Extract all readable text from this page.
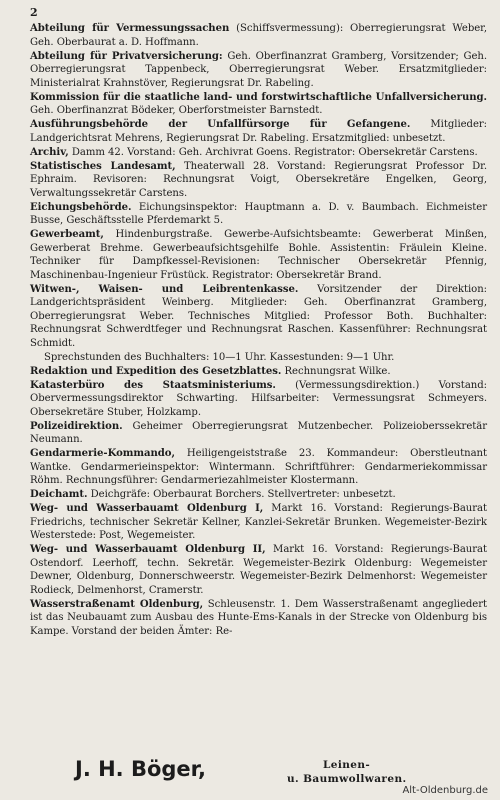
2

Abteilung für Vermessungssachen (Schiffsvermessung): Oberregierungsrat Weber, Geh. Oberbaurat a. D. Hoffmann.

Abteilung für Privatversicherung: Geh. Oberfinanzrat Gramberg, Vorsitzender; Geh. Oberregierungsrat Tappenbeck, Oberregierungsrat Weber. Ersatzmitglieder: Ministerialrat Krahnstöver, Regierungsrat Dr. Rabeling.

Kommission für die staatliche land- und forstwirtschaftliche Unfallversicherung. Geh. Oberfinanzrat Bödeker, Oberforstmeister Barnstedt.

Ausführungsbehörde der Unfallfürsorge für Gefangene. Mitglieder: Landgerichtsrat Mehrens, Regierungsrat Dr. Rabeling. Ersatzmitglied: unbesetzt.

Archiv, Damm 42. Vorstand: Geh. Archivrat Goens. Registrator: Obersekretär Carstens.

Statistisches Landesamt, Theaterwall 28. Vorstand: Regierungsrat Professor Dr. Ephraim. Revisoren: Rechnungsrat Voigt, Obersekretäre Engelken, Georg, Verwaltungssekretär Carstens.

Eichungsbehörde. Eichungsinspektor: Hauptmann a. D. v. Baumbach. Eichmeister Busse, Geschäftsstelle Pferdemarkt 5.

Gewerbeamt, Hindenburgstraße. Gewerbe-Aufsichtsbeamte: Gewerberat Minßen, Gewerberat Brehme. Gewerbeaufsichtsgehilfe Bohle. Assistentin: Fräulein Kleine. Techniker für Dampfkessel-Revisionen: Technischer Obersekretär Pfennig, Maschinenbau-Ingenieur Früstück. Registrator: Obersekretär Brand.

Witwen-, Waisen- und Leibrentenkasse. Vorsitzender der Direktion: Landgerichtspräsident Weinberg. Mitglieder: Geh. Oberfinanzrat Gramberg, Oberregierungsrat Weber. Technisches Mitglied: Professor Both. Buchhalter: Rechnungsrat Schwerdtfeger und Rechnungsrat Raschen. Kassenführer: Rechnungsrat Schmidt.

Sprechstunden des Buchhalters: 10—1 Uhr. Kassestunden: 9—1 Uhr.

Redaktion und Expedition des Gesetzblattes. Rechnungsrat Wilke.

Katasterbüro des Staatsministeriums. (Vermessungsdirektion.) Vorstand: Obervermessungsdirektor Schwarting. Hilfsarbeiter: Vermessungsrat Schmeyers. Obersekretäre Stuber, Holzkamp.

Polizeidirektion. Geheimer Oberregierungsrat Mutzenbecher. Polizeioberssekretär Neumann.

Gendarmerie-Kommando, Heiligengeiststraße 23. Kommandeur: Oberstleutnant Wantke. Gendarmerieinspektor: Wintermann. Schriftführer: Gendarmeriekommissar Röhm. Rechnungsführer: Gendarmeriezahlmeister Klostermann.

Deichamt. Deichgräfe: Oberbaurat Borchers. Stellvertreter: unbesetzt.

Weg- und Wasserbauamt Oldenburg I, Markt 16. Vorstand: Regierungs-Baurat Friedrichs, technischer Sekretär Kellner, Kanzlei-Sekretär Brunken. Wegemeister-Bezirk Westerstede: Post, Wegemeister.

Weg- und Wasserbauamt Oldenburg II, Markt 16. Vorstand: Regierungs-Baurat Ostendorf. Leerhoff, techn. Sekretär. Wegemeister-Bezirk Oldenburg: Wegemeister Dewner, Oldenburg, Donnerschweerstr. Wegemeister-Bezirk Delmenhorst: Wegemeister Rodieck, Delmenhorst, Cramerstr.

Wasserstraßenamt Oldenburg, Schleusenstr. 1. Dem Wasserstraßenamt angegliedert ist das Neubauamt zum Ausbau des Hunte-Ems-Kanals in der Strecke von Oldenburg bis Kampe. Vorstand der beiden Ämter: Re-

J. H. Böger,	Leinen-
u. Baumwollwaren.
Alt-Oldenburg.de
